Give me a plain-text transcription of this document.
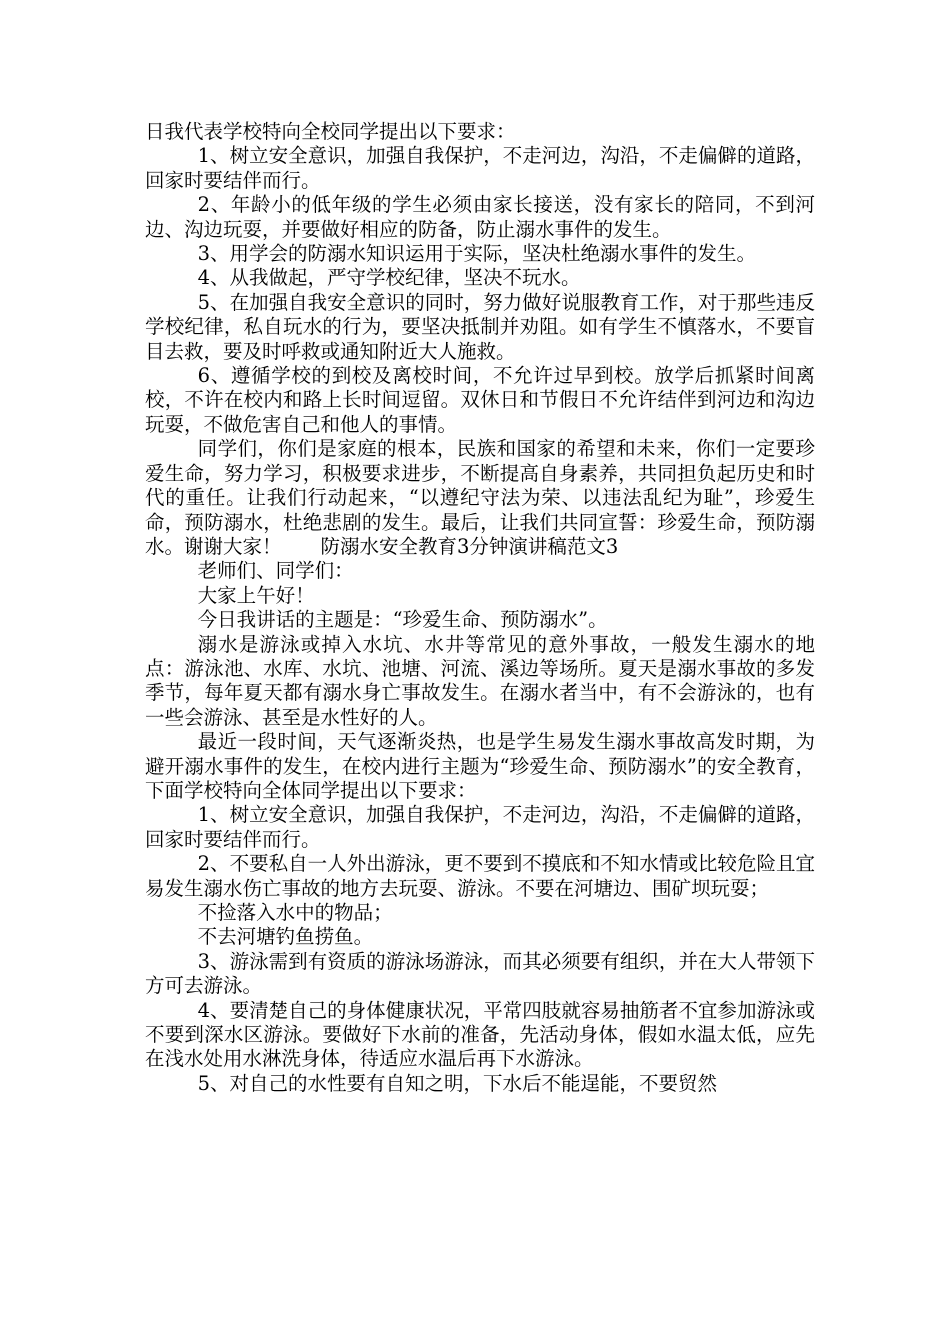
日我代表学校特向全校同学提出以下要求：

1、树立安全意识，加强自我保护，不走河边，沟沿，不走偏僻的道路，回家时要结伴而行。

2、年龄小的低年级的学生必须由家长接送，没有家长的陪同，不到河边、沟边玩耍，并要做好相应的防备，防止溺水事件的发生。

3、用学会的防溺水知识运用于实际，坚决杜绝溺水事件的发生。

4、从我做起，严守学校纪律，坚决不玩水。

5、在加强自我安全意识的同时，努力做好说服教育工作，对于那些违反学校纪律，私自玩水的行为，要坚决抵制并劝阻。如有学生不慎落水，不要盲目去救，要及时呼救或通知附近大人施救。

6、遵循学校的到校及离校时间，不允许过早到校。放学后抓紧时间离校，不许在校内和路上长时间逗留。双休日和节假日不允许结伴到河边和沟边玩耍，不做危害自己和他人的事情。

同学们，你们是家庭的根本，民族和国家的希望和未来，你们一定要珍爱生命，努力学习，积极要求进步，不断提高自身素养，共同担负起历史和时代的重任。让我们行动起来，“以遵纪守法为荣、以违法乱纪为耻”，珍爱生命，预防溺水，杜绝悲剧的发生。最后，让我们共同宣誓：珍爱生命，预防溺水。谢谢大家！　　防溺水安全教育3分钟演讲稿范文3

老师们、同学们：

大家上午好！

今日我讲话的主题是：“珍爱生命、预防溺水”。

溺水是游泳或掉入水坑、水井等常见的意外事故，一般发生溺水的地点：游泳池、水库、水坑、池塘、河流、溪边等场所。夏天是溺水事故的多发季节，每年夏天都有溺水身亡事故发生。在溺水者当中，有不会游泳的，也有一些会游泳、甚至是水性好的人。

最近一段时间，天气逐渐炎热，也是学生易发生溺水事故高发时期，为避开溺水事件的发生，在校内进行主题为“珍爱生命、预防溺水”的安全教育，下面学校特向全体同学提出以下要求：

1、树立安全意识，加强自我保护，不走河边，沟沿，不走偏僻的道路，回家时要结伴而行。

2、不要私自一人外出游泳，更不要到不摸底和不知水情或比较危险且宜易发生溺水伤亡事故的地方去玩耍、游泳。不要在河塘边、围矿坝玩耍；

不捡落入水中的物品；

不去河塘钓鱼捞鱼。

3、游泳需到有资质的游泳场游泳，而其必须要有组织，并在大人带领下方可去游泳。

4、要清楚自己的身体健康状况，平常四肢就容易抽筋者不宜参加游泳或不要到深水区游泳。要做好下水前的准备，先活动身体，假如水温太低，应先在浅水处用水淋洗身体，待适应水温后再下水游泳。

5、对自己的水性要有自知之明，下水后不能逞能，不要贸然
